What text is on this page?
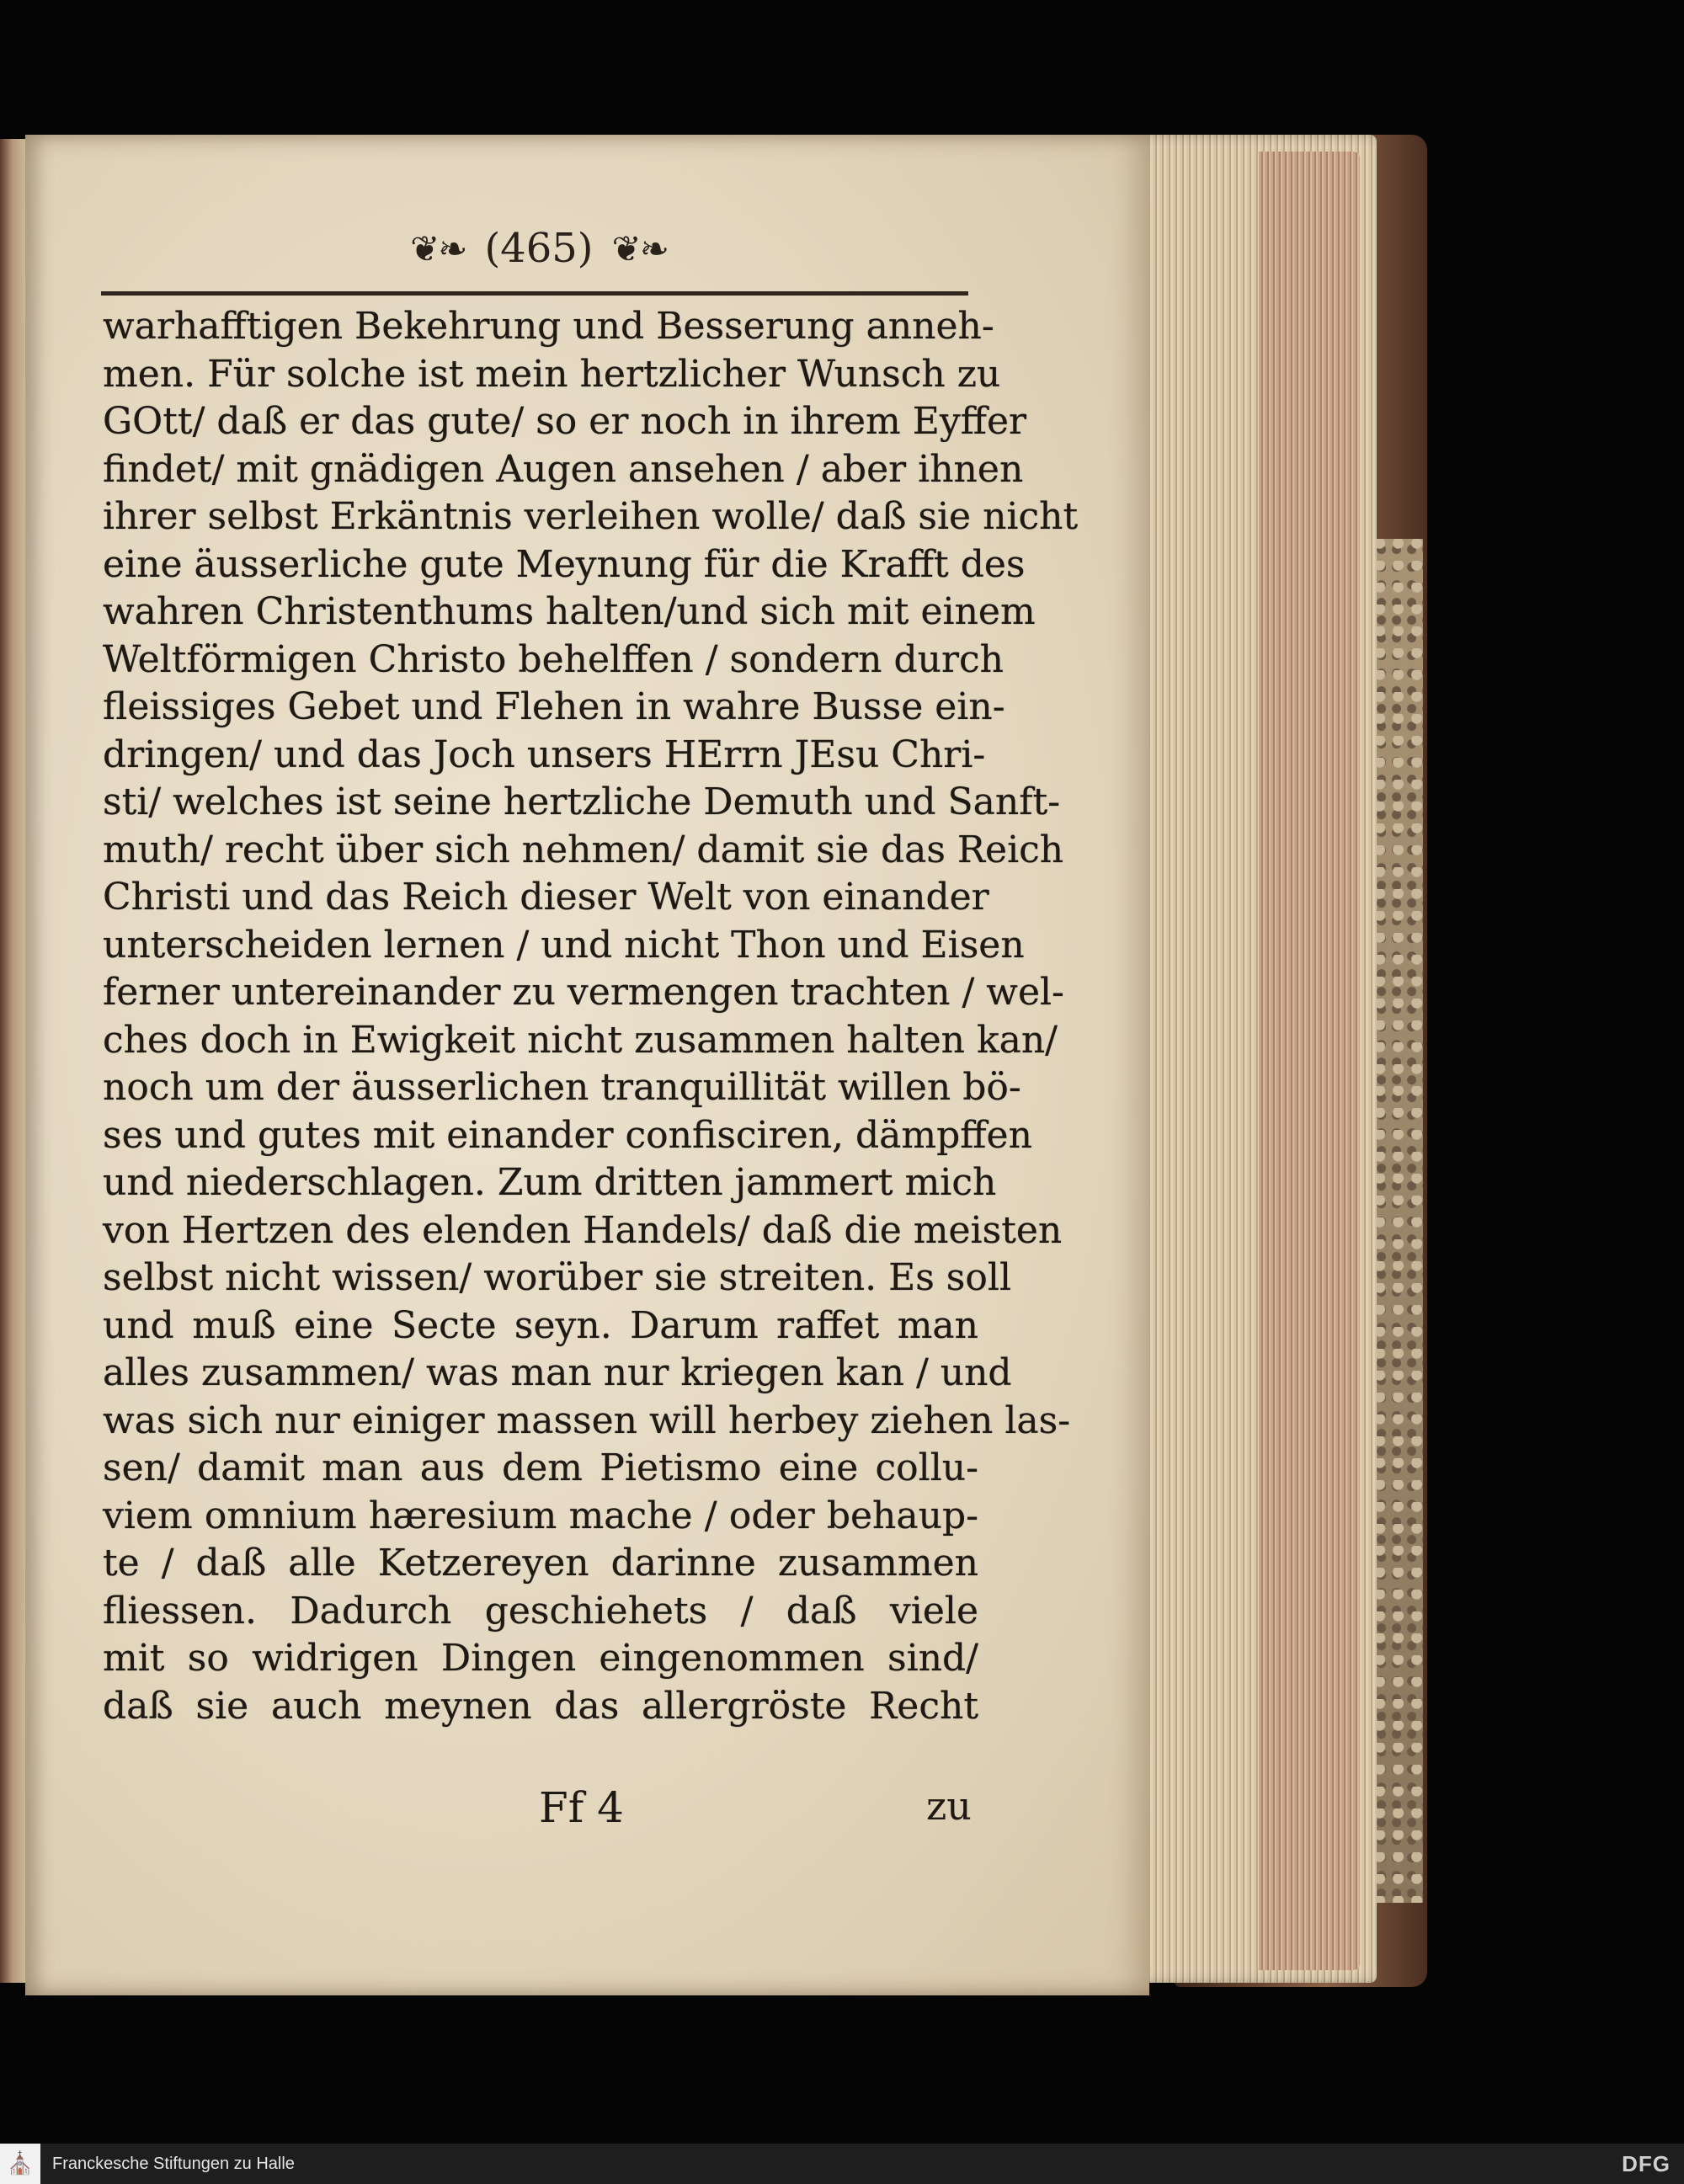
❦❧ (465) ❦❧
warhafftigen Bekehrung und Besserung anneh-
men. Für solche ist mein hertzlicher Wunsch zu
GOtt/ daß er das gute/ so er noch in ihrem Eyffer
findet/ mit gnädigen Augen ansehen / aber ihnen
ihrer selbst Erkäntnis verleihen wolle/ daß sie nicht
eine äusserliche gute Meynung für die Krafft des
wahren Christenthums halten/und sich mit einem
Weltförmigen Christo behelffen / sondern durch
fleissiges Gebet und Flehen in wahre Busse ein-
dringen/ und das Joch unsers HErrn JEsu Chri-
sti/ welches ist seine hertzliche Demuth und Sanft-
muth/ recht über sich nehmen/ damit sie das Reich
Christi und das Reich dieser Welt von einander
unterscheiden lernen / und nicht Thon und Eisen
ferner untereinander zu vermengen trachten / wel-
ches doch in Ewigkeit nicht zusammen halten kan/
noch um der äusserlichen tranquillität willen bö-
ses und gutes mit einander confisciren, dämpffen
und niederschlagen. Zum dritten jammert mich
von Hertzen des elenden Handels/ daß die meisten
selbst nicht wissen/ worüber sie streiten. Es soll
und muß eine Secte seyn. Darum raffet man
alles zusammen/ was man nur kriegen kan / und
was sich nur einiger massen will herbey ziehen las-
sen/ damit man aus dem Pietismo eine collu-
viem omnium hæresium mache / oder behaup-
te / daß alle Ketzereyen darinne zusammen
fliessen. Dadurch geschiehets / daß viele
mit so widrigen Dingen eingenommen sind/
daß sie auch meynen das allergröste Recht
Ff 4	zu
⛪ Franckesche Stiftungen zu Halle	DFG
